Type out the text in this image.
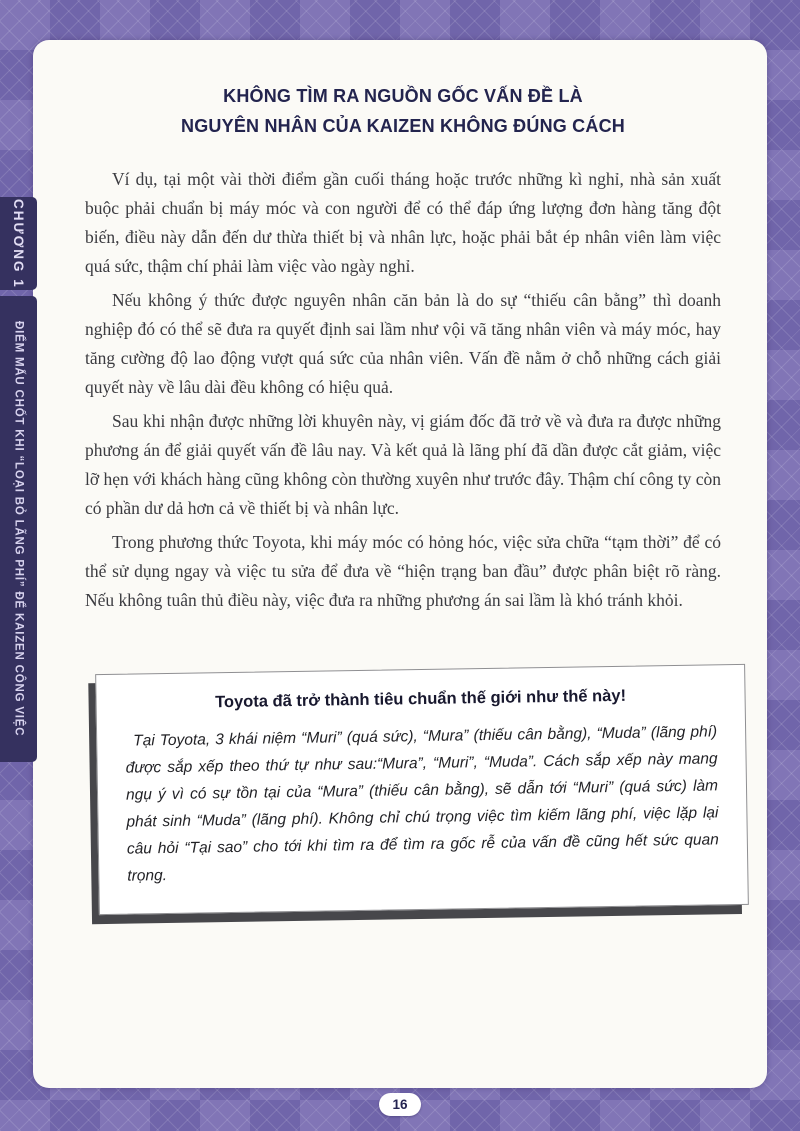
KHÔNG TÌM RA NGUỒN GỐC VẤN ĐỀ LÀ
NGUYÊN NHÂN CỦA KAIZEN KHÔNG ĐÚNG CÁCH

Ví dụ, tại một vài thời điểm gần cuối tháng hoặc trước những kì nghỉ, nhà sản xuất buộc phải chuẩn bị máy móc và con người để có thể đáp ứng lượng đơn hàng tăng đột biến, điều này dẫn đến dư thừa thiết bị và nhân lực, hoặc phải bắt ép nhân viên làm việc quá sức, thậm chí phải làm việc vào ngày nghỉ.

Nếu không ý thức được nguyên nhân căn bản là do sự “thiếu cân bằng” thì doanh nghiệp đó có thể sẽ đưa ra quyết định sai lầm như vội vã tăng nhân viên và máy móc, hay tăng cường độ lao động vượt quá sức của nhân viên. Vấn đề nằm ở chỗ những cách giải quyết này về lâu dài đều không có hiệu quả.

Sau khi nhận được những lời khuyên này, vị giám đốc đã trở về và đưa ra được những phương án để giải quyết vấn đề lâu nay. Và kết quả là lãng phí đã dần được cắt giảm, việc lỡ hẹn với khách hàng cũng không còn thường xuyên như trước đây. Thậm chí công ty còn có phần dư dả hơn cả về thiết bị và nhân lực.

Trong phương thức Toyota, khi máy móc có hỏng hóc, việc sửa chữa “tạm thời” để có thể sử dụng ngay và việc tu sửa để đưa về “hiện trạng ban đầu” được phân biệt rõ ràng. Nếu không tuân thủ điều này, việc đưa ra những phương án sai lầm là khó tránh khỏi.

Toyota đã trở thành tiêu chuẩn thế giới như thế này!

Tại Toyota, 3 khái niệm “Muri” (quá sức), “Mura” (thiếu cân bằng), “Muda” (lãng phí) được sắp xếp theo thứ tự như sau:“Mura”, “Muri”, “Muda”. Cách sắp xếp này mang ngụ ý vì có sự tồn tại của “Mura” (thiếu cân bằng), sẽ dẫn tới “Muri” (quá sức) làm phát sinh “Muda” (lãng phí). Không chỉ chú trọng việc tìm kiếm lãng phí, việc lặp lại câu hỏi “Tại sao” cho tới khi tìm ra để tìm ra gốc rễ của vấn đề cũng hết sức quan trọng.

CHƯƠNG 1
ĐIỂM MẤU CHỐT KHI “LOẠI BỎ LÃNG PHÍ” ĐỂ KAIZEN CÔNG VIỆC
16
